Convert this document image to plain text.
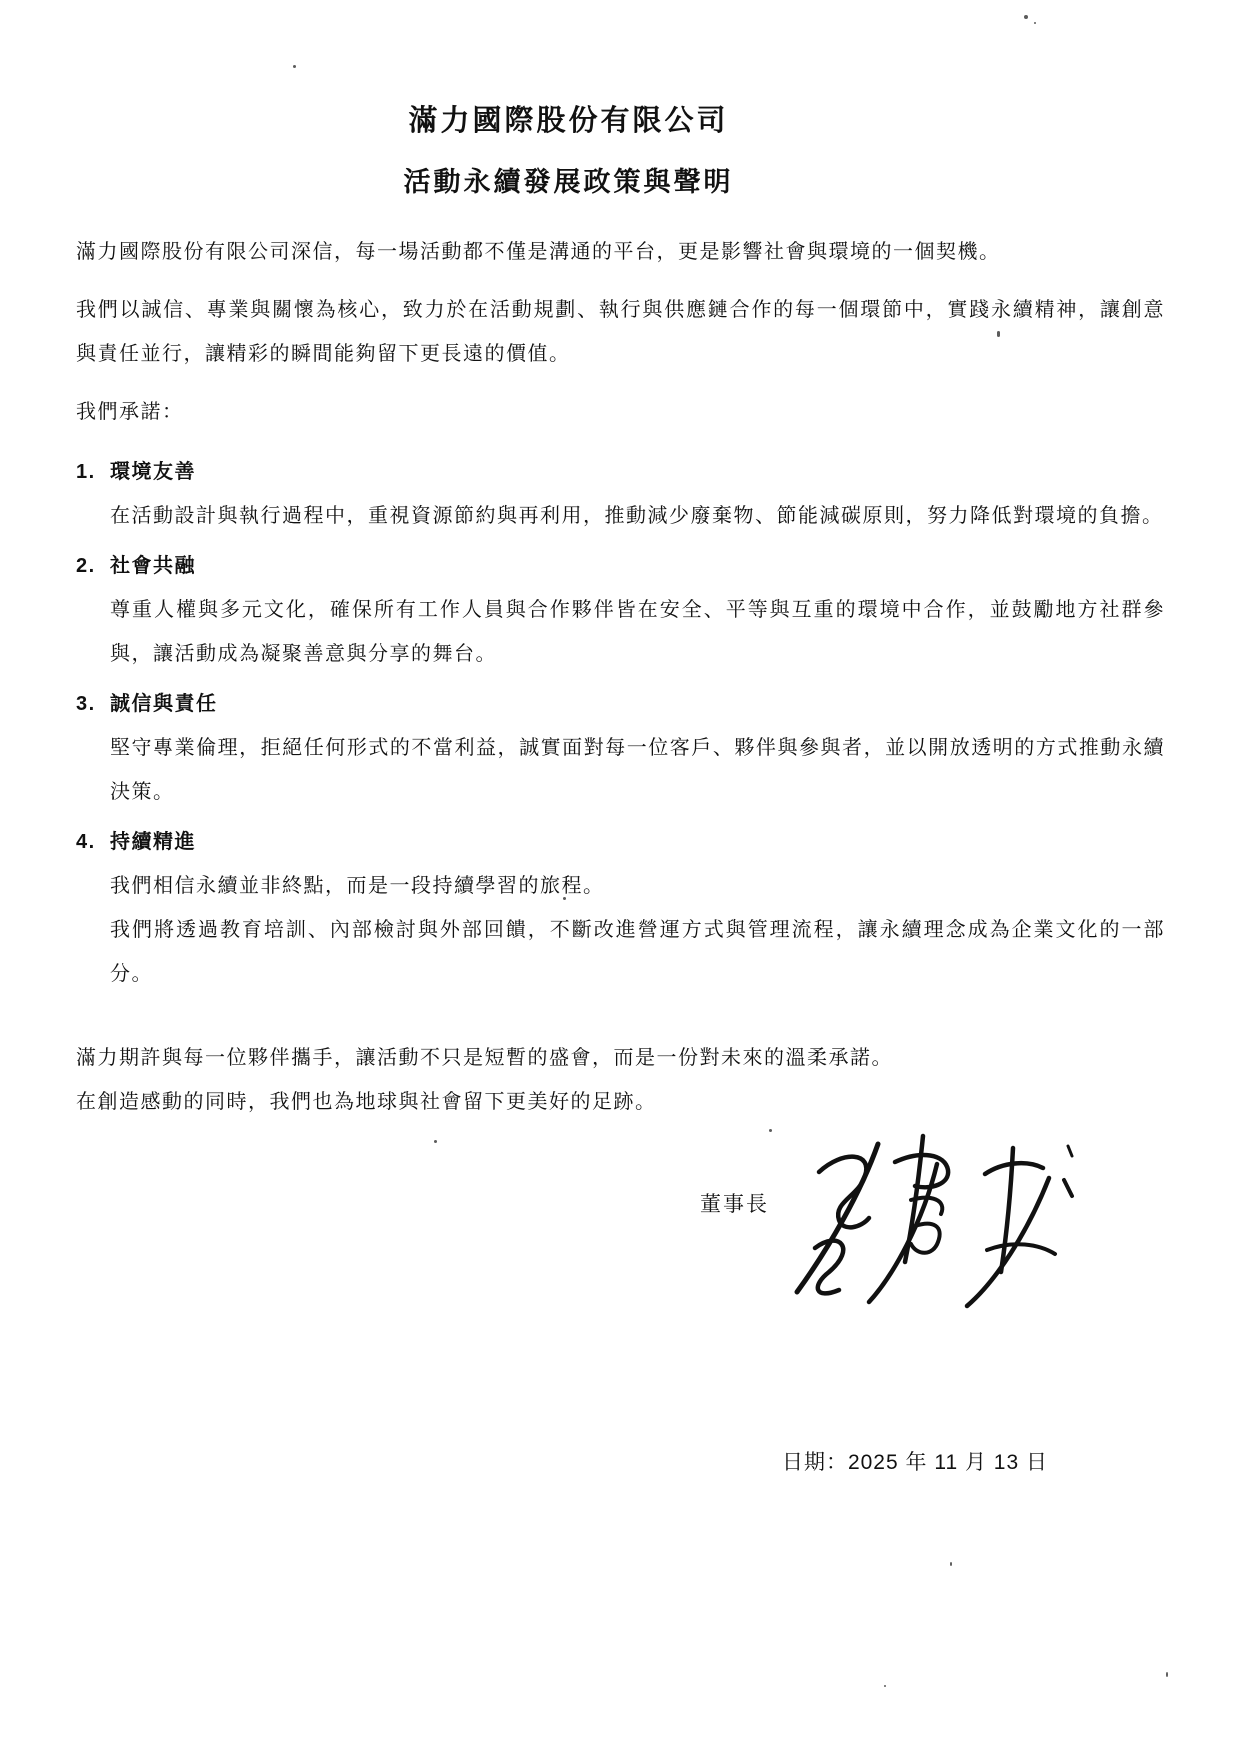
滿力國際股份有限公司
活動永續發展政策與聲明

滿力國際股份有限公司深信，每一場活動都不僅是溝通的平台，更是影響社會與環境的一個契機。

我們以誠信、專業與關懷為核心，致力於在活動規劃、執行與供應鏈合作的每一個環節中，實踐永續精神，讓創意與責任並行，讓精彩的瞬間能夠留下更長遠的價值。

我們承諾：

1. 環境友善

在活動設計與執行過程中，重視資源節約與再利用，推動減少廢棄物、節能減碳原則，努力降低對環境的負擔。

2. 社會共融

尊重人權與多元文化，確保所有工作人員與合作夥伴皆在安全、平等與互重的環境中合作，並鼓勵地方社群參與，讓活動成為凝聚善意與分享的舞台。

3. 誠信與責任

堅守專業倫理，拒絕任何形式的不當利益，誠實面對每一位客戶、夥伴與參與者，並以開放透明的方式推動永續決策。

4. 持續精進

我們相信永續並非終點，而是一段持續學習的旅程。

我們將透過教育培訓、內部檢討與外部回饋，不斷改進營運方式與管理流程，讓永續理念成為企業文化的一部分。

滿力期許與每一位夥伴攜手，讓活動不只是短暫的盛會，而是一份對未來的溫柔承諾。

在創造感動的同時，我們也為地球與社會留下更美好的足跡。

董事長
日期：2025 年 11 月 13 日
